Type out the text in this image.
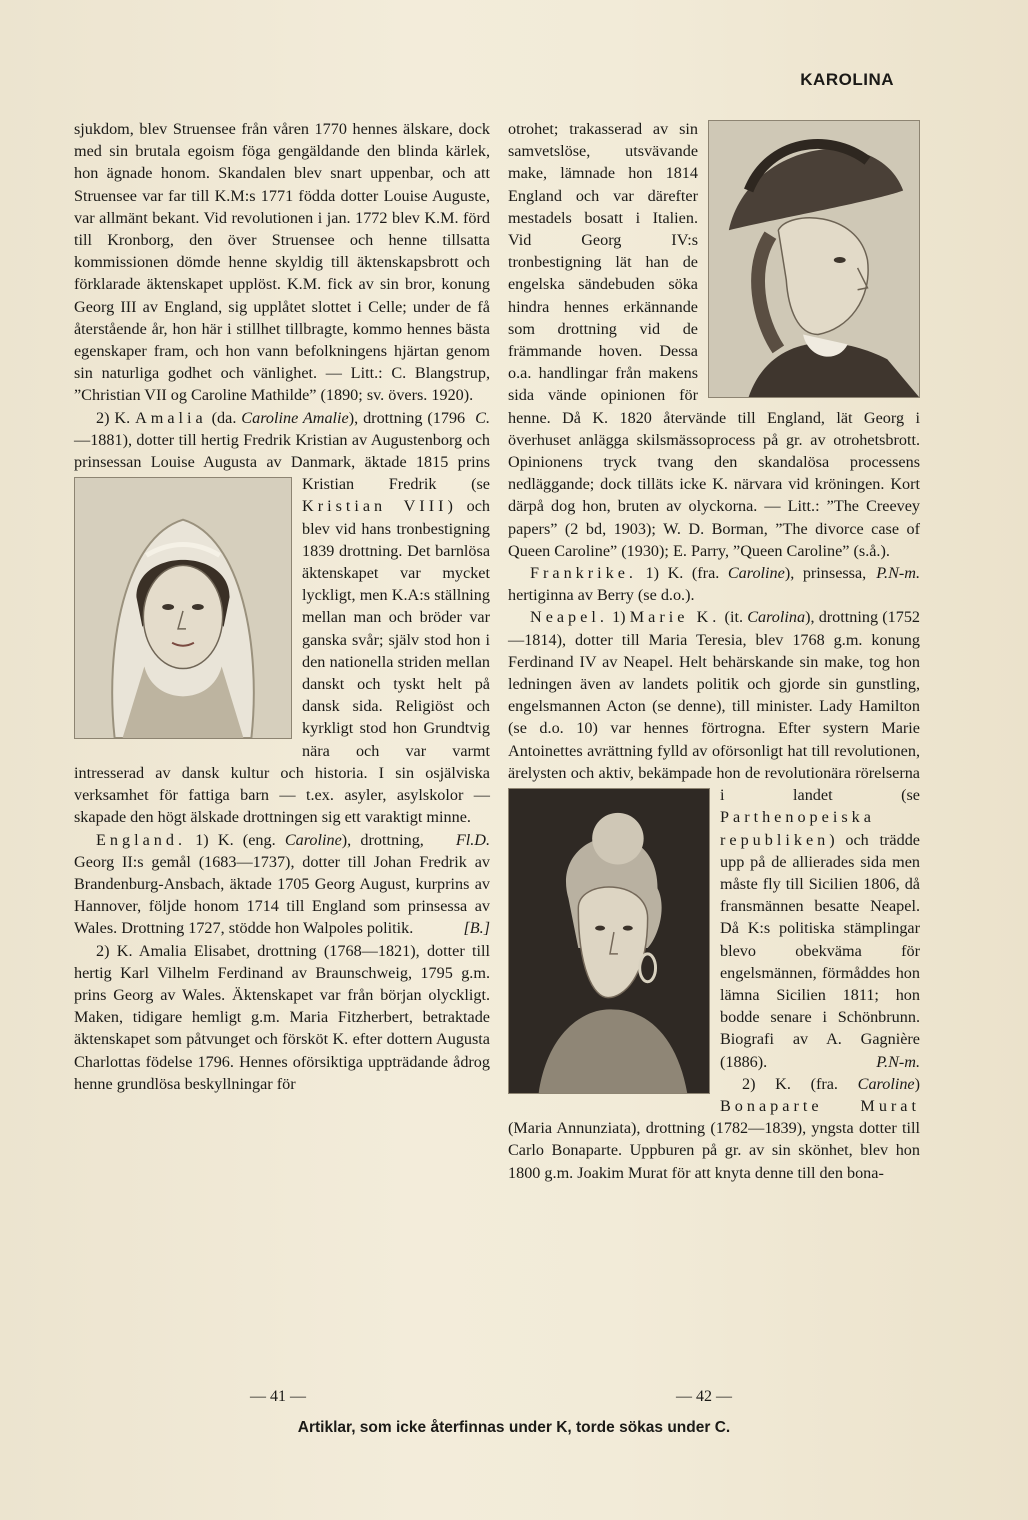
KAROLINA

sjukdom, blev Struensee från våren 1770 hennes älskare, dock med sin brutala egoism föga gengäldande den blinda kärlek, hon ägnade honom. Skandalen blev snart uppenbar, och att Struensee var far till K.M:s 1771 födda dotter Louise Auguste, var allmänt bekant. Vid revolutionen i jan. 1772 blev K.M. förd till Kronborg, den över Struensee och henne tillsatta kommissionen dömde henne skyldig till äktenskapsbrott och förklarade äktenskapet upplöst. K.M. fick av sin bror, konung Georg III av England, sig upplåtet slottet i Celle; under de få återstående år, hon här i stillhet tillbragte, kommo hennes bästa egenskaper fram, och hon vann befolkningens hjärtan genom sin naturliga godhet och vänlighet. — Litt.: C. Blangstrup, ”Christian VII og Caroline Mathilde” (1890; sv. övers. 1920).
C.

2) K. Amalia (da. Caroline Amalie), drottning (1796—1881), dotter till hertig Fredrik Kristian av Augustenborg och prinsessan Louise Augusta av Danmark, äktade 1815 prins Kristian Fredrik (se
Kristian VIII) och blev vid hans tronbestigning 1839 drottning. Det barnlösa äktenskapet var mycket lyckligt, men K.A:s ställning mellan man och bröder var ganska svår; själv stod hon i den nationella striden mellan danskt och tyskt helt på dansk sida. Religiöst och kyrkligt stod hon Grundtvig nära och var varmt intresserad av dansk kultur och historia. I sin osjälviska verksamhet för fattiga barn — t.ex. asyler, asylskolor — skapade den högt älskade drottningen sig ett varaktigt minne.
Fl.D.

England. 1) K. (eng. Caroline), drottning, Georg II:s gemål (1683—1737), dotter till Johan Fredrik av Brandenburg-Ansbach, äktade 1705 Georg August, kurprins av Hannover, följde honom 1714 till England som prinsessa av Wales. Drottning 1727, stödde hon Walpoles politik.	[B.]

2) K. Amalia Elisabet, drottning (1768—1821), dotter till hertig Karl Vilhelm Ferdinand av Braunschweig, 1795 g.m. prins Georg av Wales. Äktenskapet var från början olyckligt. Maken, tidigare hemligt g.m. Maria Fitzherbert, betraktade äktenskapet som påtvunget och försköt K. efter dottern Augusta Charlottas födelse 1796. Hennes oförsiktiga uppträdande ådrog henne grundlösa beskyllningar för

otrohet; trakasserad av sin samvetslöse, utsvävande make, lämnade hon 1814 England och var därefter mestadels bosatt i Italien. Vid Georg IV:s tronbestigning lät han de engelska sändebuden söka hindra hennes erkännande som drottning vid de främmande hoven. Dessa o.a. handlingar från makens sida vände opinionen för henne. Då K. 1820 återvände till England, lät Georg i överhuset anlägga skilsmässoprocess på gr. av otrohetsbrott. Opinionens tryck tvang den skandalösa processens nedläggande; dock tilläts icke K. närvara vid kröningen. Kort därpå dog hon, bruten av olyckorna. — Litt.: ”The Creevey papers” (2 bd, 1903); W. D. Borman, ”The divorce case of Queen Caroline” (1930); E. Parry, ”Queen Caroline” (s.å.).
P.N-m.

Frankrike. 1) K. (fra. Caroline), prinsessa, hertiginna av Berry (se d.o.).

Neapel. 1) Marie K. (it. Carolina), drottning (1752—1814), dotter till Maria Teresia, blev 1768 g.m. konung Ferdinand IV av Neapel. Helt behärskande sin make, tog hon ledningen även av landets politik och gjorde sin gunstling, engelsmannen Acton (se denne), till minister. Lady Hamilton (se d.o. 10) var hennes förtrogna. Efter systern Marie Antoinettes avrättning fylld av oförsonligt hat till revolutionen, ärelysten och aktiv, bekämpade hon de revolutionära rörelserna i landet (se
Parthenopeiska republiken) och trädde upp på de allierades sida men måste fly till Sicilien 1806, då fransmännen besatte Neapel. Då K:s politiska stämplingar blevo obekväma för engelsmännen, förmåddes hon lämna Sicilien 1811; hon bodde senare i Schönbrunn. Biografi av A. Gagnière (1886).	P.N-m.

2) K. (fra. Caroline) Bonaparte Murat (Maria Annunziata), drottning (1782—1839), yngsta dotter till Carlo Bonaparte. Uppburen på gr. av sin skönhet, blev hon 1800 g.m. Joakim Murat för att knyta denne till den bona-

— 41 —	— 42 —
Artiklar, som icke återfinnas under K, torde sökas under C.
